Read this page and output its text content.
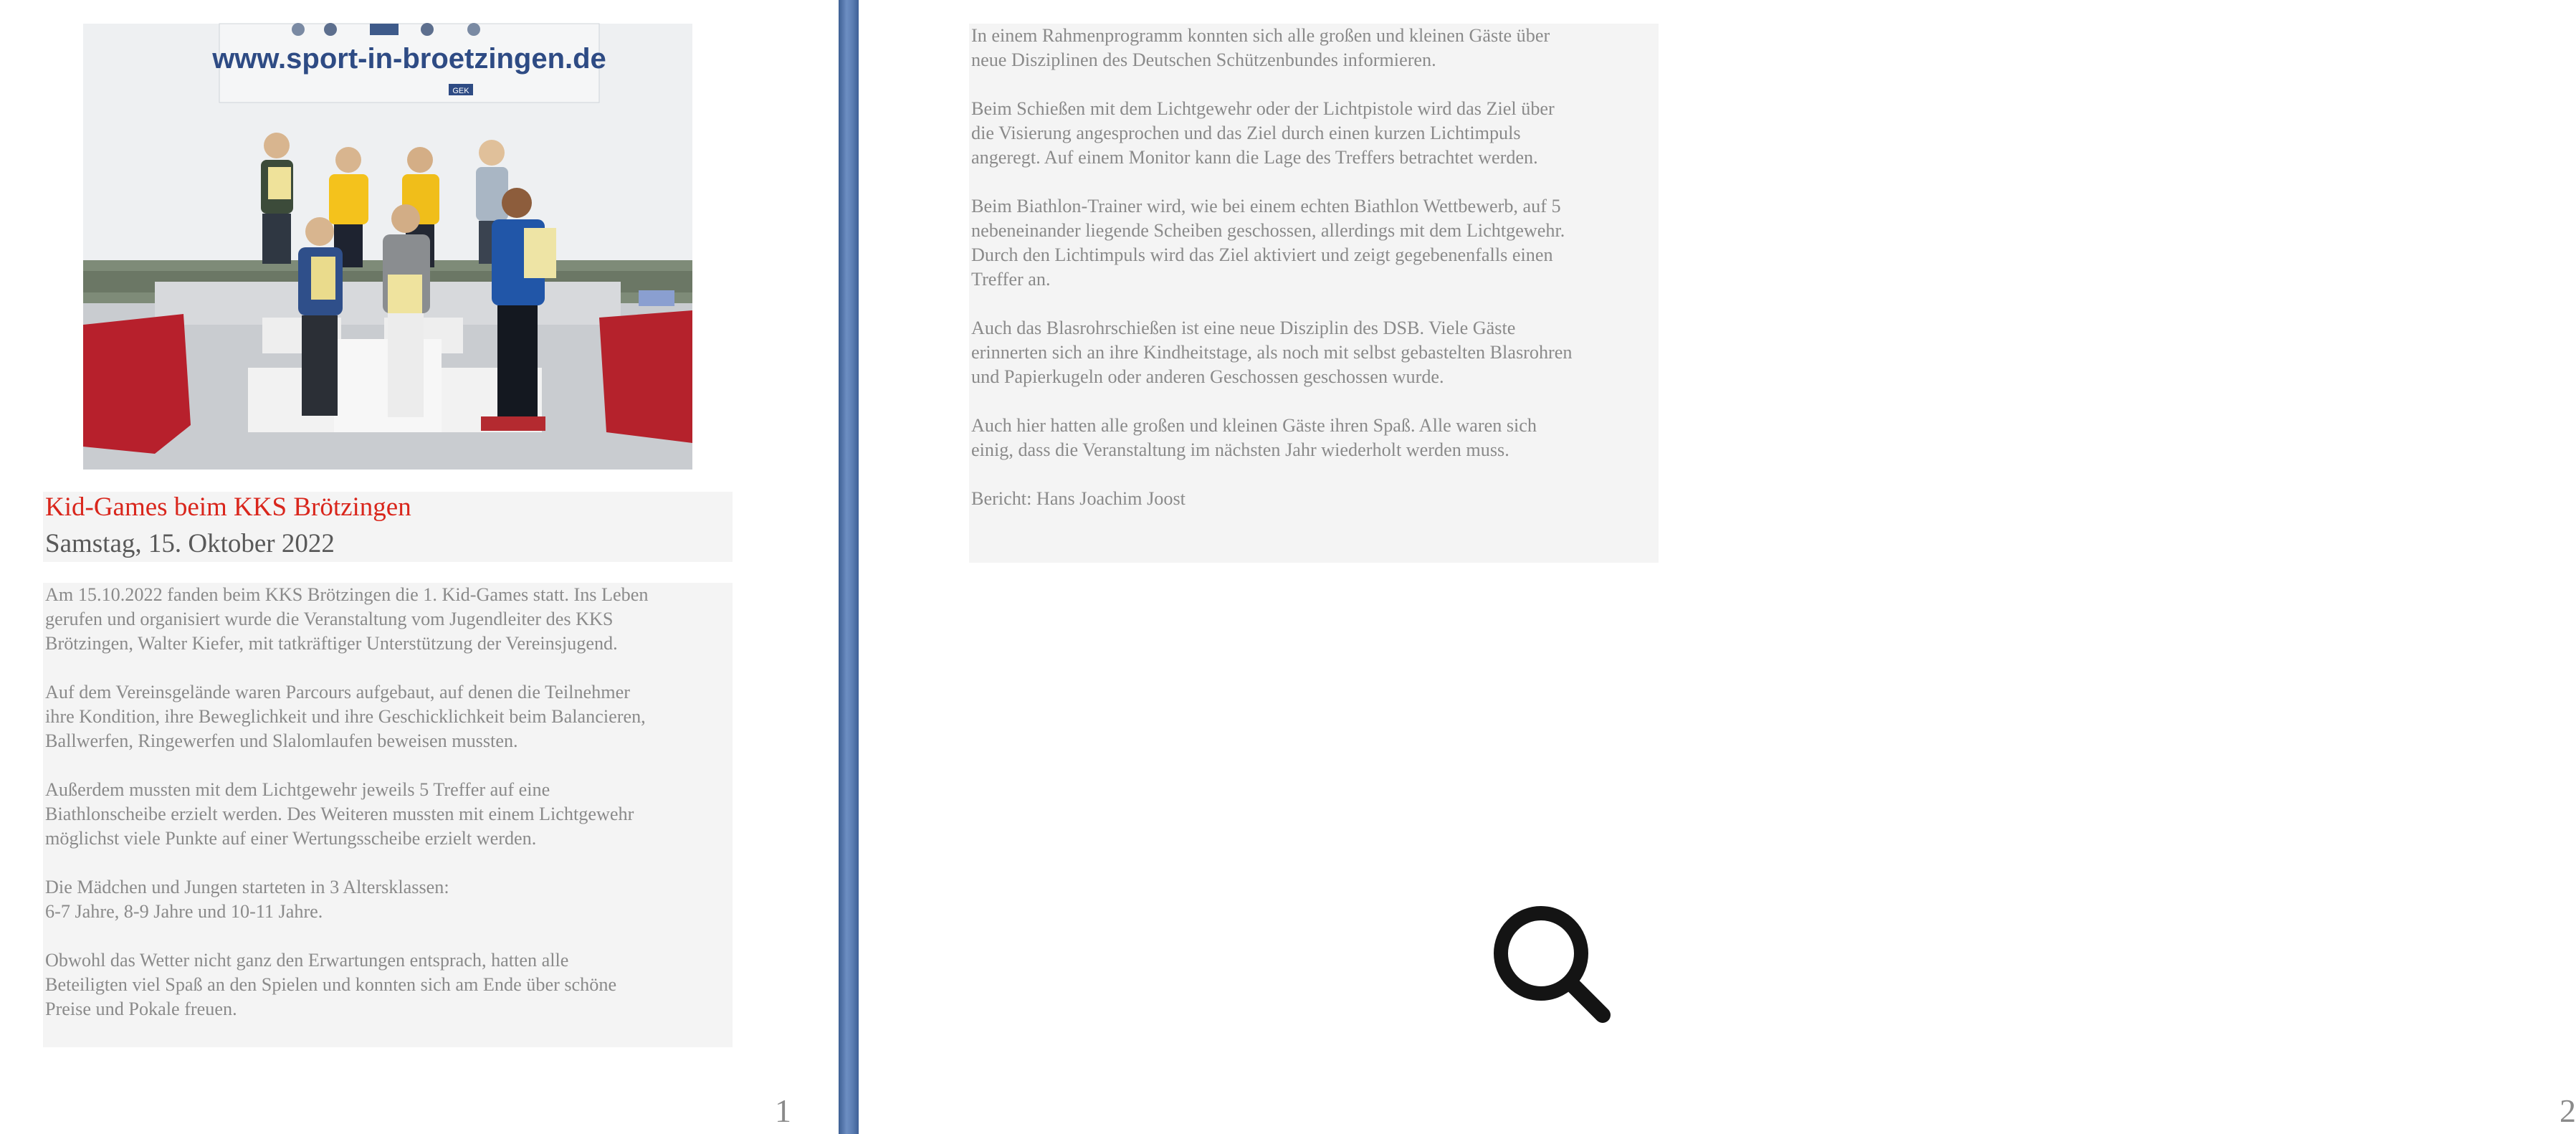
www.sport-in-broetzingen.de
GEK
Kid-Games beim KKS Brötzingen
Samstag, 15. Oktober 2022

Am 15.10.2022 fanden beim KKS Brötzingen die 1. Kid-Games statt. Ins Leben
gerufen und organisiert wurde die Veranstaltung vom Jugendleiter des KKS
Brötzingen, Walter Kiefer, mit tatkräftiger Unterstützung der Vereinsjugend.

Auf dem Vereinsgelände waren Parcours aufgebaut, auf denen die Teilnehmer
ihre Kondition, ihre Beweglichkeit und ihre Geschicklichkeit beim Balancieren,
Ballwerfen, Ringewerfen und Slalomlaufen beweisen mussten.

Außerdem mussten mit dem Lichtgewehr jeweils 5 Treffer auf eine
Biathlonscheibe erzielt werden. Des Weiteren mussten mit einem Lichtgewehr
möglichst viele Punkte auf einer Wertungsscheibe erzielt werden.

Die Mädchen und Jungen starteten in 3 Altersklassen:
6-7 Jahre, 8-9 Jahre und 10-11 Jahre.

Obwohl das Wetter nicht ganz den Erwartungen entsprach, hatten alle
Beteiligten viel Spaß an den Spielen und konnten sich am Ende über schöne
Preise und Pokale freuen.

1	2

In einem Rahmenprogramm konnten sich alle großen und kleinen Gäste über
neue Disziplinen des Deutschen Schützenbundes informieren.

Beim Schießen mit dem Lichtgewehr oder der Lichtpistole wird das Ziel über
die Visierung angesprochen und das Ziel durch einen kurzen Lichtimpuls
angeregt. Auf einem Monitor kann die Lage des Treffers betrachtet werden.

Beim Biathlon-Trainer wird, wie bei einem echten Biathlon Wettbewerb, auf 5
nebeneinander liegende Scheiben geschossen, allerdings mit dem Lichtgewehr.
Durch den Lichtimpuls wird das Ziel aktiviert und zeigt gegebenenfalls einen
Treffer an.

Auch das Blasrohrschießen ist eine neue Disziplin des DSB. Viele Gäste
erinnerten sich an ihre Kindheitstage, als noch mit selbst gebastelten Blasrohren
und Papierkugeln oder anderen Geschossen geschossen wurde.

Auch hier hatten alle großen und kleinen Gäste ihren Spaß. Alle waren sich
einig, dass die Veranstaltung im nächsten Jahr wiederholt werden muss.

Bericht: Hans Joachim Joost
